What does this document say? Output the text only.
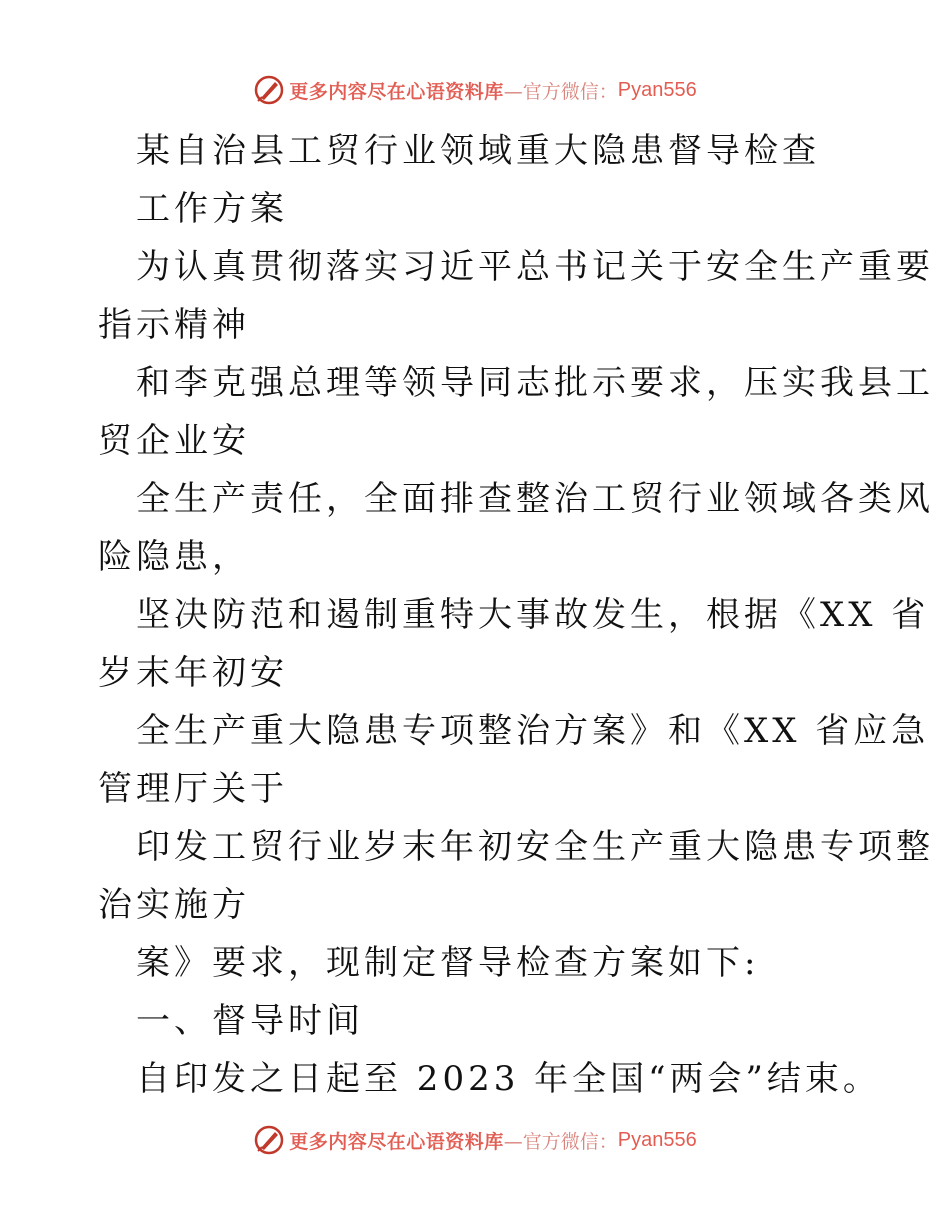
更多内容尽在心语资料库 —官方微信： Pyan556
某自治县工贸行业领域重大隐患督导检查
工作方案
为认真贯彻落实习近平总书记关于安全生产重要
指示精神
和李克强总理等领导同志批示要求，压实我县工
贸企业安
全生产责任，全面排查整治工贸行业领域各类风
险隐患，
坚决防范和遏制重特大事故发生，根据《XX 省
岁末年初安
全生产重大隐患专项整治方案》和《XX 省应急
管理厅关于
印发工贸行业岁末年初安全生产重大隐患专项整
治实施方
案》要求，现制定督导检查方案如下:
一、督导时间
自印发之日起至 2023 年全国“两会”结束。
更多内容尽在心语资料库 —官方微信： Pyan556
